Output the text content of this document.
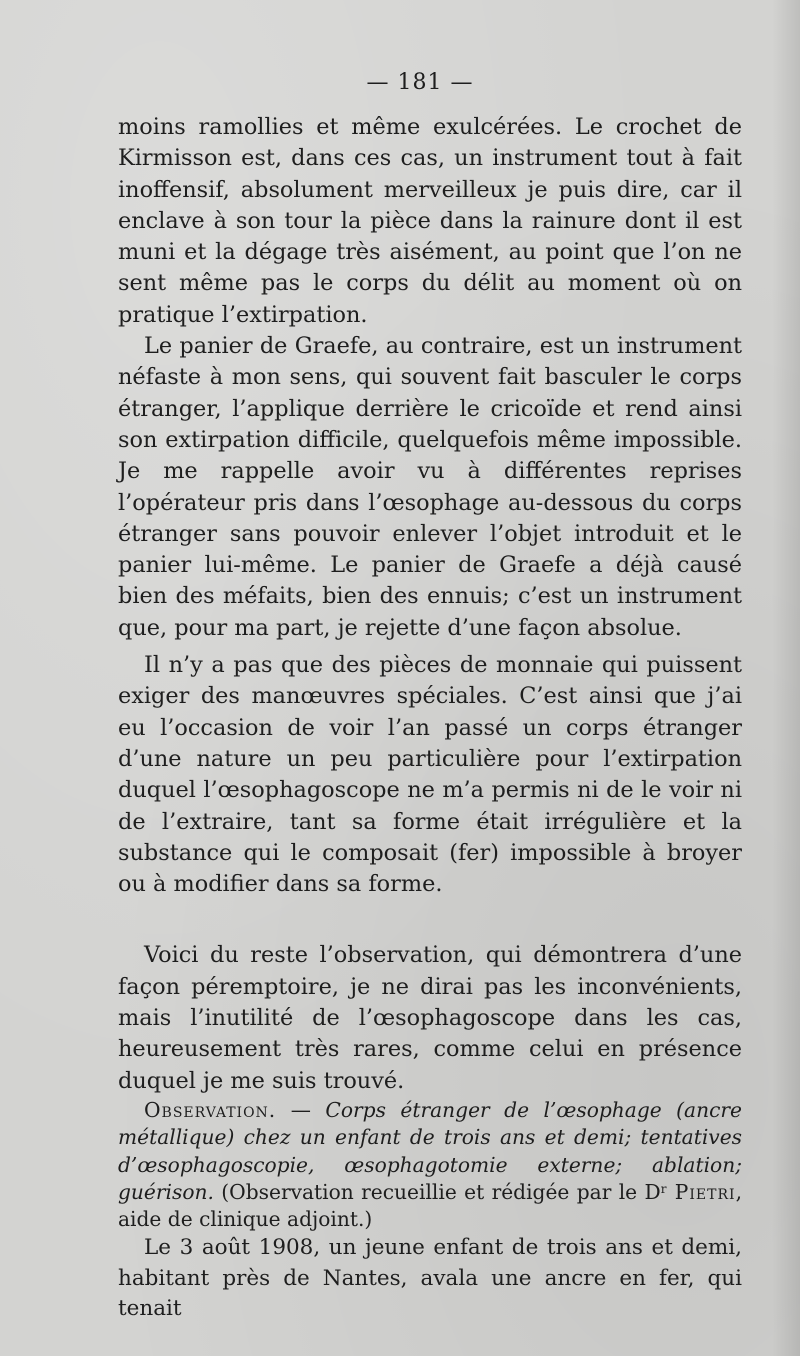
— 181 —

moins ramollies et même exulcérées. Le crochet de Kirmisson est, dans ces cas, un instrument tout à fait inoffensif, absolument merveilleux je puis dire, car il enclave à son tour la pièce dans la rainure dont il est muni et la dégage très aisément, au point que l’on ne sent même pas le corps du délit au moment où on pratique l’extirpation.

Le panier de Graefe, au contraire, est un instrument néfaste à mon sens, qui souvent fait basculer le corps étranger, l’applique derrière le cricoïde et rend ainsi son extirpation difficile, quelquefois même impossible. Je me rappelle avoir vu à différentes reprises l’opérateur pris dans l’œsophage au-dessous du corps étranger sans pouvoir enlever l’objet introduit et le panier lui-même. Le panier de Graefe a déjà causé bien des méfaits, bien des ennuis; c’est un instrument que, pour ma part, je rejette d’une façon absolue.

Il n’y a pas que des pièces de monnaie qui puissent exiger des manœuvres spéciales. C’est ainsi que j’ai eu l’occasion de voir l’an passé un corps étranger d’une nature un peu particulière pour l’extirpation duquel l’œsophagoscope ne m’a permis ni de le voir ni de l’extraire, tant sa forme était irrégulière et la substance qui le composait (fer) impossible à broyer ou à modifier dans sa forme.

Voici du reste l’observation, qui démontrera d’une façon péremptoire, je ne dirai pas les inconvénients, mais l’inutilité de l’œsophagoscope dans les cas, heureusement très rares, comme celui en présence duquel je me suis trouvé.

Observation. — Corps étranger de l’œsophage (ancre métallique) chez un enfant de trois ans et demi; tentatives d’œsophagoscopie, œsophagotomie externe; ablation; guérison. (Observation recueillie et rédigée par le $D^r$ Pietri, aide de clinique adjoint.)

Le 3 août 1908, un jeune enfant de trois ans et demi, habitant près de Nantes, avala une ancre en fer, qui tenait
